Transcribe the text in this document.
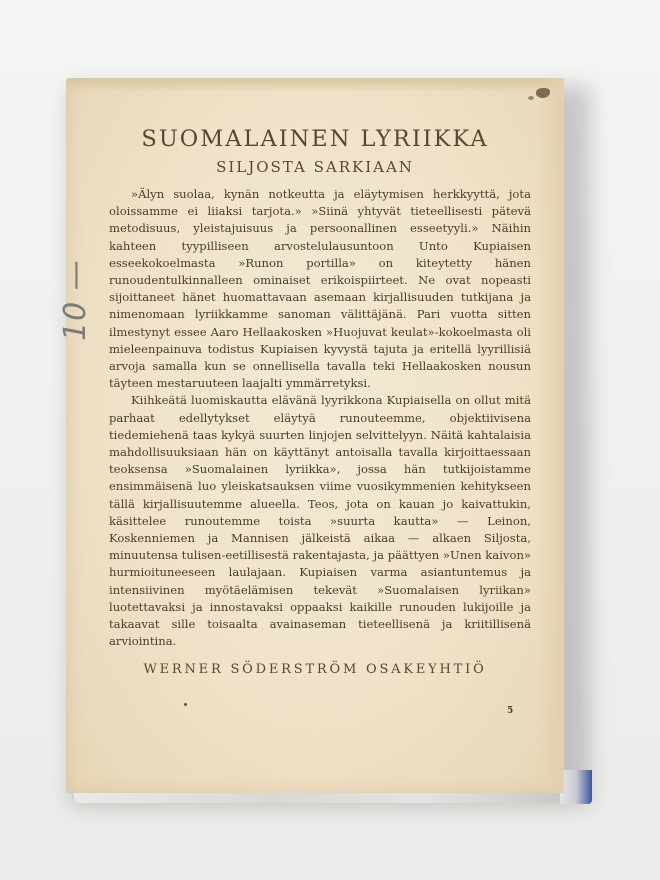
SUOMALAINEN LYRIIKKA
SILJOSTA SARKIAAN

»Älyn suolaa, kynän notkeutta ja eläytymisen herkkyyttä, jota oloissamme ei liiaksi tarjota.» »Siinä yhtyvät tieteellisesti pätevä metodisuus, yleistajuisuus ja persoonallinen esseetyyli.» Näihin kahteen tyypilliseen arvostelulausuntoon Unto Kupiaisen esseekokoelmasta »Runon portilla» on kiteytetty hänen runoudentulkinnalleen ominaiset erikoispiirteet. Ne ovat nopeasti sijoittaneet hänet huomattavaan asemaan kirjallisuuden tutkijana ja nimenomaan lyriikkamme sanoman välittäjänä. Pari vuotta sitten ilmestynyt essee Aaro Hellaakosken »Huojuvat keulat»-kokoelmasta oli mieleenpainuva todistus Kupiaisen kyvystä tajuta ja eritellä lyyrillisiä arvoja samalla kun se onnellisella tavalla teki Hellaakosken nousun täyteen mestaruuteen laajalti ymmärretyksi.

Kiihkeätä luomiskautta elävänä lyyrikkona Kupiaisella on ollut mitä parhaat edellytykset eläytyä runouteemme, objektiivisena tiedemiehenä taas kykyä suurten linjojen selvittelyyn. Näitä kahtalaisia mahdollisuuksiaan hän on käyttänyt antoisalla tavalla kirjoittaessaan teoksensa »Suomalainen lyriikka», jossa hän tutkijoistamme ensimmäisenä luo yleiskatsauksen viime vuosikymmenien kehitykseen tällä kirjallisuutemme alueella. Teos, jota on kauan jo kaivattukin, käsittelee runoutemme toista »suurta kautta» — Leinon, Koskenniemen ja Mannisen jälkeistä aikaa — alkaen Siljosta, minuutensa tulisen-eetillisestä rakentajasta, ja päättyen »Unen kaivon» hurmioituneeseen laulajaan. Kupiaisen varma asiantuntemus ja intensiivinen myötäelämisen tekevät »Suomalaisen lyriikan» luotettavaksi ja innostavaksi oppaaksi kaikille runouden lukijoille ja takaavat sille toisaalta avainaseman tieteellisenä ja kriitillisenä arviointina.

WERNER SÖDERSTRÖM OSAKEYHTIÖ
5
10 —
